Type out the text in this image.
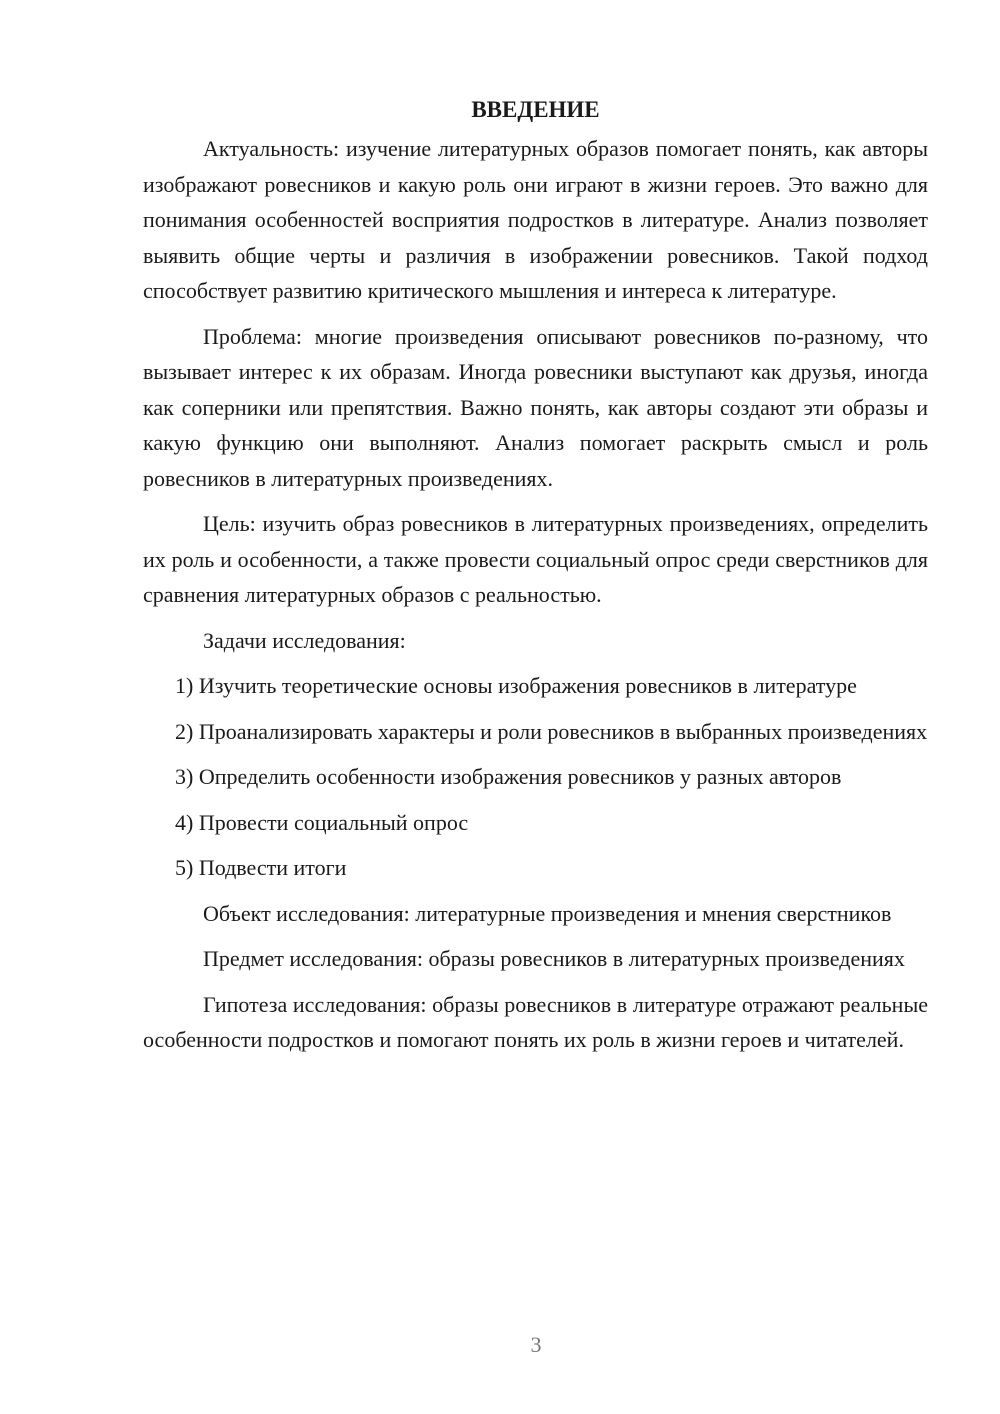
ВВЕДЕНИЕ

Актуальность: изучение литературных образов помогает понять, как авторы изображают ровесников и какую роль они играют в жизни героев. Это важно для понимания особенностей восприятия подростков в литературе. Анализ позволяет выявить общие черты и различия в изображении ровесников. Такой подход способствует развитию критического мышления и интереса к литературе.

Проблема: многие произведения описывают ровесников по-разному, что вызывает интерес к их образам. Иногда ровесники выступают как друзья, иногда как соперники или препятствия. Важно понять, как авторы создают эти образы и какую функцию они выполняют. Анализ помогает раскрыть смысл и роль ровесников в литературных произведениях.

Цель: изучить образ ровесников в литературных произведениях, определить их роль и особенности, а также провести социальный опрос среди сверстников для сравнения литературных образов с реальностью.

Задачи исследования:

1) Изучить теоретические основы изображения ровесников в литературе

2) Проанализировать характеры и роли ровесников в выбранных произведениях

3) Определить особенности изображения ровесников у разных авторов

4) Провести социальный опрос

5) Подвести итоги

Объект исследования: литературные произведения и мнения сверстников

Предмет исследования: образы ровесников в литературных произведениях

Гипотеза исследования: образы ровесников в литературе отражают реальные особенности подростков и помогают понять их роль в жизни героев и читателей.

3
